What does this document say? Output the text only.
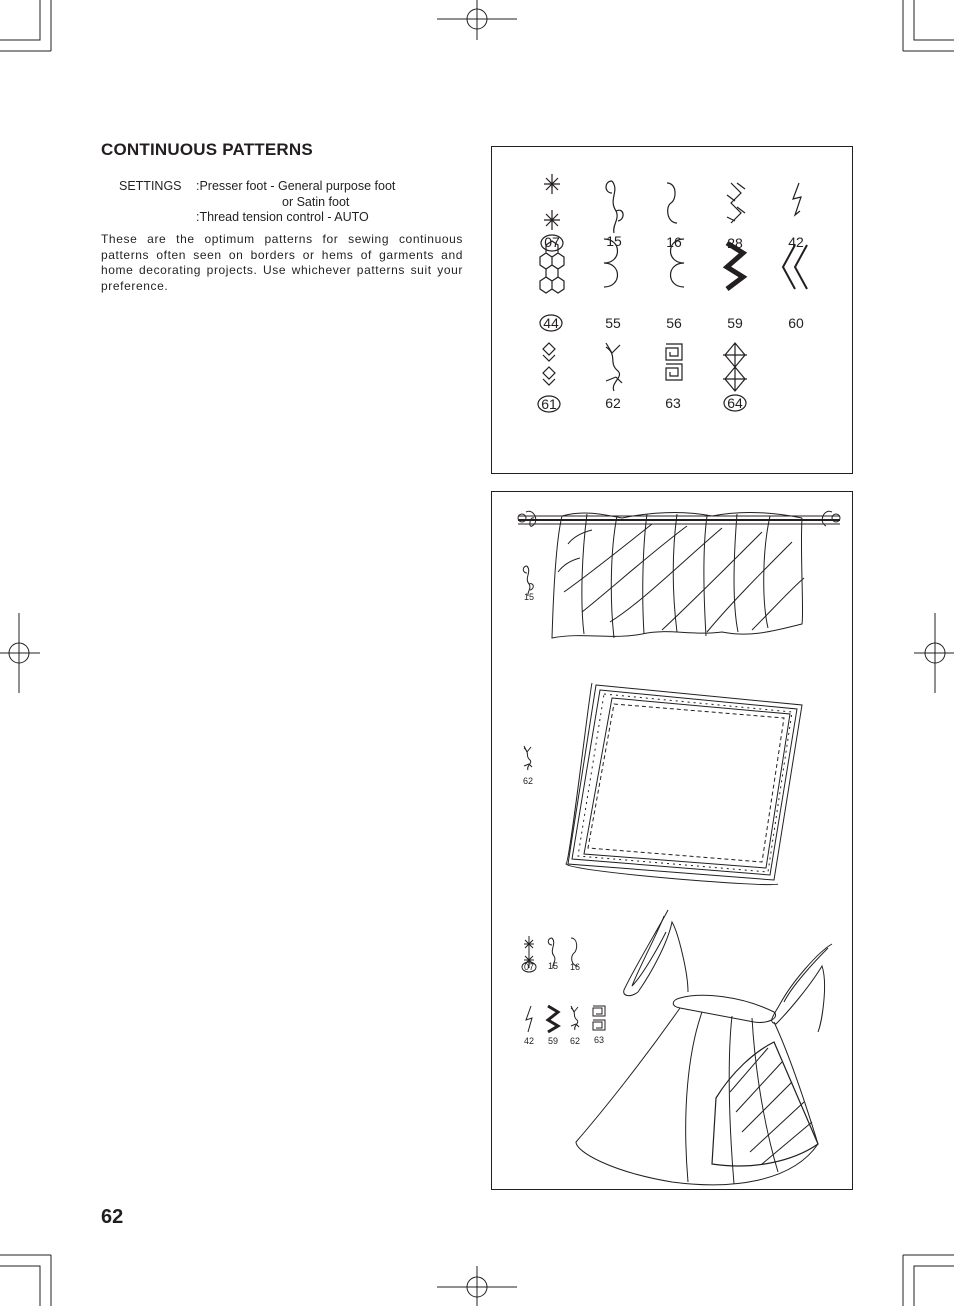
CONTINUOUS PATTERNS
SETTINGS :Presser foot - General purpose foot
or Satin foot
:Thread tension control - AUTO
These are the optimum patterns for sewing continuous patterns often seen on borders or hems of garments and home decorating projects. Use whichever patterns suit your preference.
62
07	15	16	28	42
44	55	56	59	60
61	62	63	64
15
62
07	15	16
42	59	62	63
